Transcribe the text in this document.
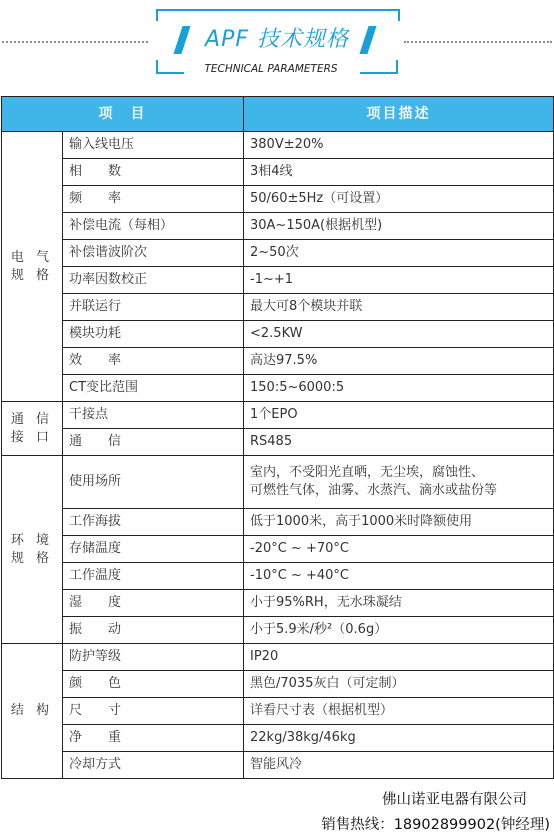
APF 技术规格
TECHNICAL PARAMETERS
项　目		项目描述
电 气
规 格	输入线电压	380V±20%
	相　　数	3相4线
	频　　率	50/60±5Hz（可设置）
	补偿电流（每相）	30A~150A(根据机型)
	补偿谐波阶次	2~50次
	功率因数校正	-1~+1
	并联运行	最大可8个模块并联
	模块功耗	<2.5KW
	效　　率	高达97.5%
	CT变比范围	150:5~6000:5
通 信
接 口	干接点	1个EPO
	通　　信	RS485
环 境
规 格	使用场所	室内，不受阳光直晒，无尘埃，腐蚀性、
可燃性气体，油雾、水蒸汽、滴水或盐份等
	工作海拔	低于1000米，高于1000米时降额使用
	存储温度	-20°C ~ +70°C
	工作温度	-10°C ~ +40°C
	湿　　度	小于95%RH，无水珠凝结
	振　　动	小于5.9米/秒²（0.6g）
结 构	防护等级	IP20
	颜　　色	黑色/7035灰白（可定制）
	尺　　寸	详看尺寸表（根据机型）
	净　　重	22kg/38kg/46kg
	冷却方式	智能风冷
佛山诺亚电器有限公司
销售热线：18902899902(钟经理)
